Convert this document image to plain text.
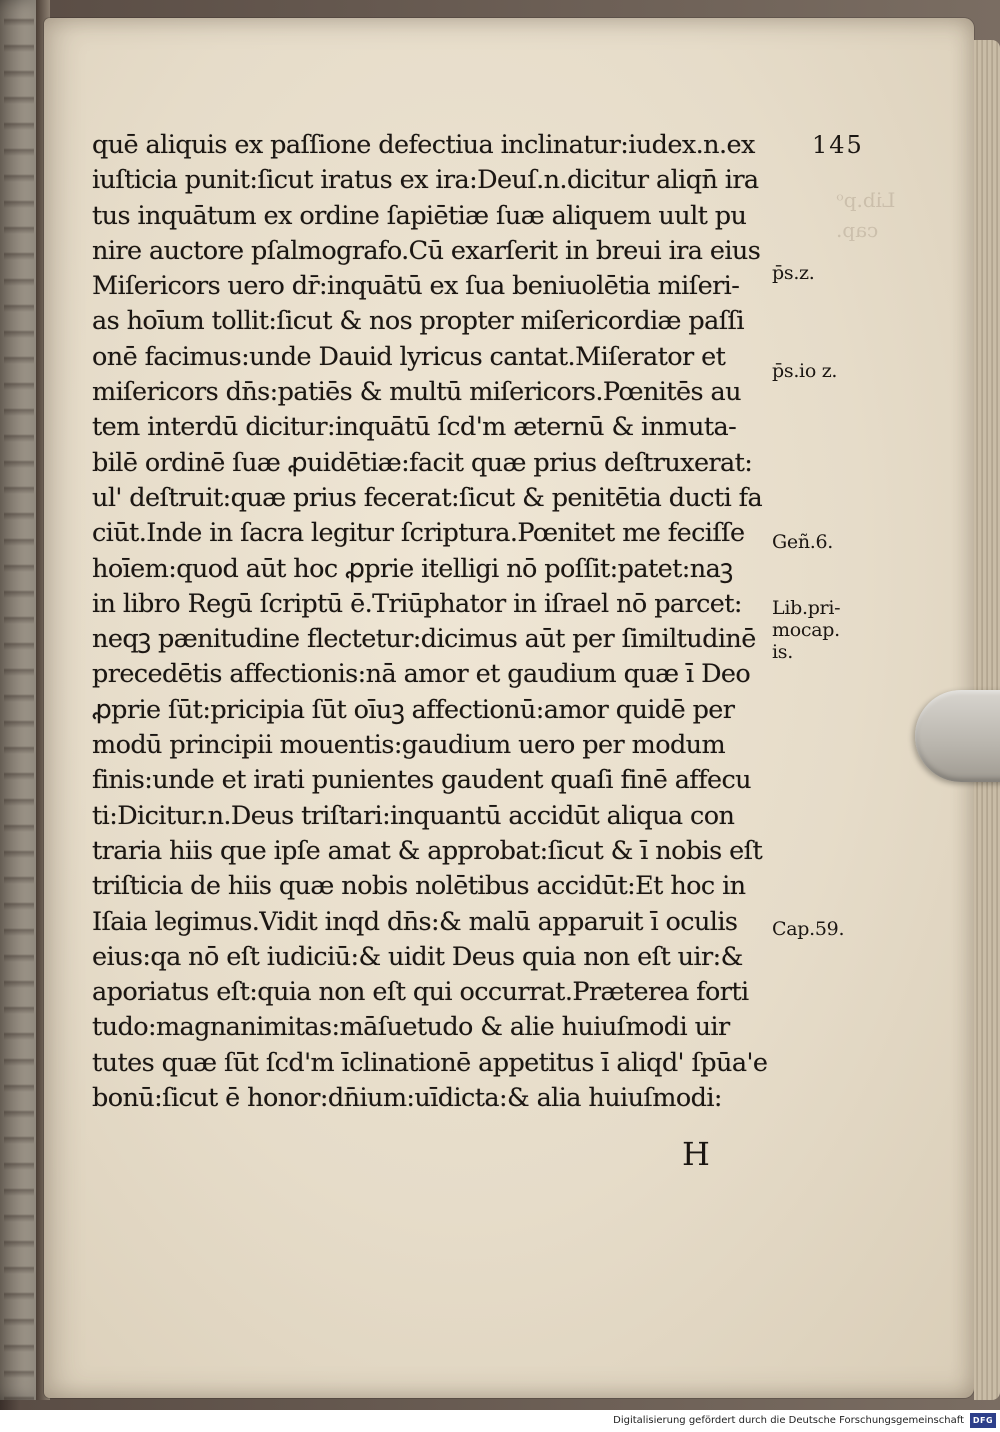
Lib.pᵒ
cap.
145
quē aliquis ex paſſione defectiua inclinatur:iudex.n.ex
iuſticia punit:ſicut iratus ex ira:Deuſ.n.dicitur aliqn̄ ira
tus inquātum ex ordine ſapiētiæ ſuæ aliquem uult pu
nire auctore pſalmografo.Cū exarſerit in breui ira eius
Miſericors uero dr̄:inquātū ex ſua beniuolētia miſeri-
as hoīum tollit:ſicut & nos propter miſericordiæ paſſi
onē facimus:unde Dauid lyricus cantat.Miſerator et
miſericors dn̄s:patiēs & multū miſericors.Pœnitēs au
tem interdū dicitur:inquātū ſcd'm æternū & inmuta-
bilē ordinē ſuæ ꝓuidētiæ:facit quæ prius deſtruxerat:
ul' deſtruit:quæ prius fecerat:ſicut & penitētia ducti fa
ciūt.Inde in ſacra legitur ſcriptura.Pœnitet me feciſſe
hoīem:quod aūt hoc ꝓprie itelligi nō poſſit:patet:naꝫ
in libro Regū ſcriptū ē.Triūphator in iſrael nō parcet:
neqꝫ pænitudine flectetur:dicimus aūt per ſimiltudinē
precedētis affectionis:nā amor et gaudium quæ ī Deo
ꝓprie ſūt:pricipia ſūt oīuꝫ affectionū:amor quidē per
modū principii mouentis:gaudium uero per modum
finis:unde et irati punientes gaudent quaſi finē affecu
ti:Dicitur.n.Deus triſtari:inquantū accidūt aliqua con
traria hiis que ipſe amat & approbat:ſicut & ī nobis eſt
triſticia de hiis quæ nobis nolētibus accidūt:Et hoc in
Iſaia legimus.Vidit inqd dn̄s:& malū apparuit ī oculis
eius:qa nō eſt iudiciū:& uidit Deus quia non eſt uir:&
aporiatus eſt:quia non eſt qui occurrat.Præterea forti
tudo:magnanimitas:māſuetudo & alie huiuſmodi uir
tutes quæ ſūt ſcd'm īclinationē appetitus ī aliqd' ſpūa'e
bonū:ſicut ē honor:dn̄ium:uīdicta:& alia huiuſmodi:
p̄s.z.
p̄s.io z.
Geñ.6.
Lib.pri-
mocap.
is.
Cap.59.
H
Digitalisierung gefördert durch die Deutsche Forschungsgemeinschaft	DFG
